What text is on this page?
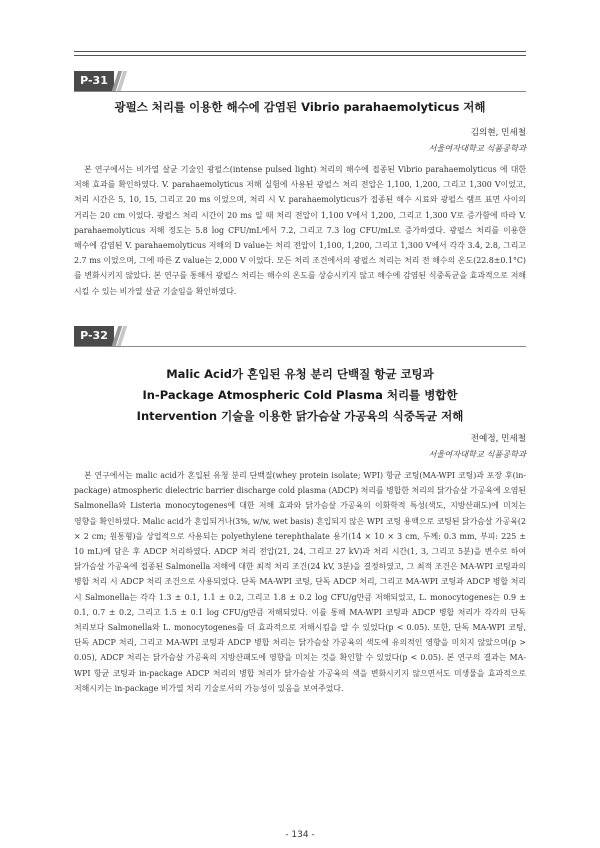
P-31
광펄스 처리를 이용한 해수에 감염된 Vibrio parahaemolyticus 저해
김의현, 민세철
서울여자대학교 식품공학과

본 연구에서는 비가열 살균 기술인 광펄스(intense pulsed light) 처리의 해수에 접종된 Vibrio parahaemolyticus 에 대한 저해 효과를 확인하였다. V. parahaemolyticus 저해 실험에 사용된 광펄스 처리 전압은 1,100, 1,200, 그리고 1,300 V이었고, 처리 시간은 5, 10, 15, 그리고 20 ms 이었으며, 처리 시 V. parahaemolyticus가 접종된 해수 시료와 광펄스 램프 표면 사이의 거리는 20 cm 이었다. 광펄스 처리 시간이 20 ms 일 때 처리 전압이 1,100 V에서 1,200, 그리고 1,300 V로 증가함에 따라 V. parahaemolyticus 저해 정도는 5.8 log CFU/mL에서 7.2, 그리고 7.3 log CFU/mL로 증가하였다. 광펄스 처리를 이용한 해수에 감염된 V. parahaemolyticus 저해의 D value는 처리 전압이 1,100, 1,200, 그리고 1,300 V에서 각각 3.4, 2.8, 그리고 2.7 ms 이었으며, 그에 따른 Z value는 2,000 V 이었다. 모든 처리 조건에서의 광펄스 처리는 처리 전 해수의 온도(22.8±0.1°C)를 변화시키지 않았다. 본 연구를 통해서 광펄스 처리는 해수의 온도를 상승시키지 않고 해수에 감염된 식중독균을 효과적으로 저해 시킬 수 있는 비가열 살균 기술임을 확인하였다.

P-32
Malic Acid가 혼입된 유청 분리 단백질 항균 코팅과
In-Package Atmospheric Cold Plasma 처리를 병합한
Intervention 기술을 이용한 닭가슴살 가공육의 식중독균 저해
전예정, 민세철
서울여자대학교 식품공학과

본 연구에서는 malic acid가 혼입된 유청 분리 단백질(whey protein isolate; WPI) 항균 코팅(MA-WPI 코팅)과 포장 후(in-package) atmospheric dielectric barrier discharge cold plasma (ADCP) 처리를 병합한 처리의 닭가슴살 가공육에 오염된 Salmonella와 Listeria monocytogenes에 대한 저해 효과와 닭가슴살 가공육의 이화학적 특성(색도, 지방산패도)에 미치는 영향을 확인하였다. Malic acid가 혼입되거나(3%, w/w, wet basis) 혼입되지 않은 WPI 코팅 용액으로 코팅된 닭가슴살 가공육(2 × 2 cm; 원통형)을 상업적으로 사용되는 polyethylene terephthalate 용기(14 × 10 × 3 cm, 두께: 0.3 mm, 부피: 225 ± 10 mL)에 담은 후 ADCP 처리하였다. ADCP 처리 전압(21, 24, 그리고 27 kV)과 처리 시간(1, 3, 그리고 5분)을 변수로 하여 닭가슴살 가공육에 접종된 Salmonella 저해에 대한 최적 처리 조건(24 kV, 3분)을 결정하였고, 그 최적 조건은 MA-WPI 코팅과의 병합 처리 시 ADCP 처리 조건으로 사용되었다. 단독 MA-WPI 코팅, 단독 ADCP 처리, 그리고 MA-WPI 코팅과 ADCP 병합 처리 시 Salmonella는 각각 1.3 ± 0.1, 1.1 ± 0.2, 그리고 1.8 ± 0.2 log CFU/g만큼 저해되었고, L. monocytogenes는 0.9 ± 0.1, 0.7 ± 0.2, 그리고 1.5 ± 0.1 log CFU/g만큼 저해되었다. 이를 통해 MA-WPI 코팅과 ADCP 병합 처리가 각각의 단독 처리보다 Salmonella와 L. monocytogenes를 더 효과적으로 저해시킴을 알 수 있었다(p < 0.05). 또한, 단독 MA-WPI 코팅, 단독 ADCP 처리, 그리고 MA-WPI 코팅과 ADCP 병합 처리는 닭가슴살 가공육의 색도에 유의적인 영향을 미치지 않았으며(p > 0.05), ADCP 처리는 닭가슴살 가공육의 지방산패도에 영향을 미치는 것을 확인할 수 있었다(p < 0.05). 본 연구의 결과는 MA-WPI 항균 코팅과 in-package ADCP 처리의 병합 처리가 닭가슴살 가공육의 색을 변화시키지 않으면서도 미생물을 효과적으로 저해시키는 in-package 비가열 처리 기술로서의 가능성이 있음을 보여주었다.

- 134 -
